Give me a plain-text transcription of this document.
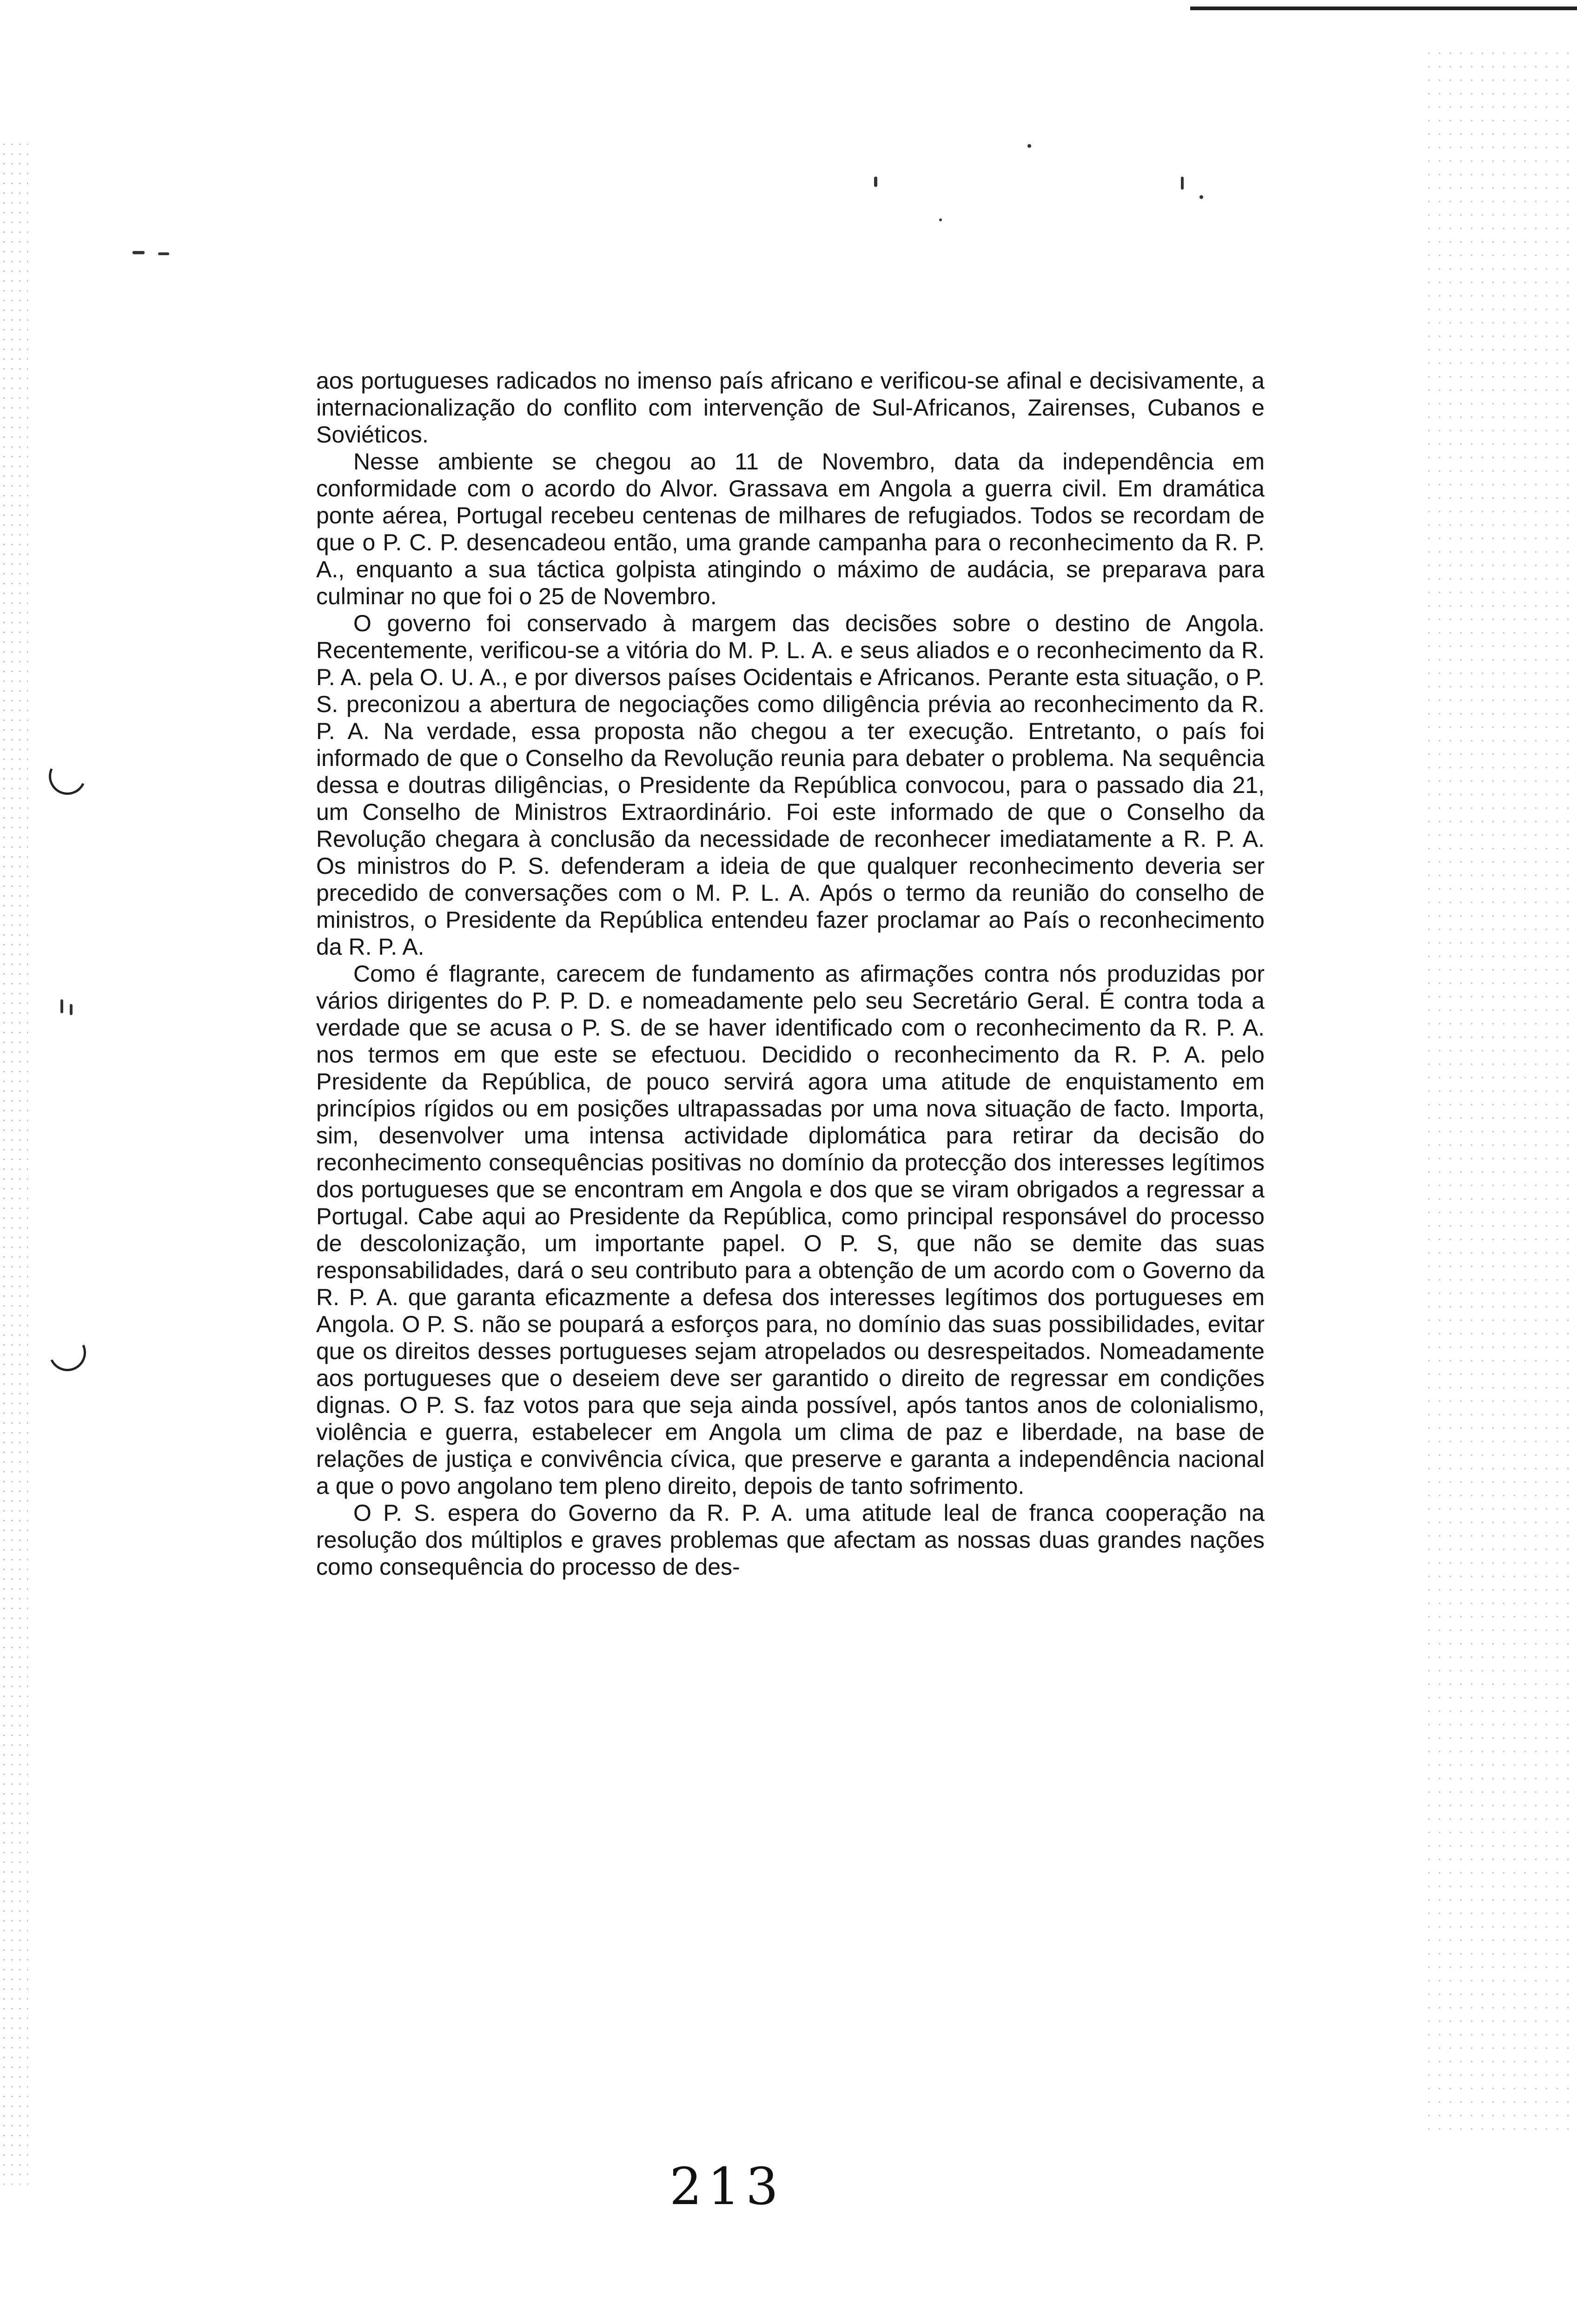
aos portugueses radicados no imenso país africano e verificou-se afinal e decisivamente, a internacionalização do conflito com intervenção de Sul-Africanos, Zairenses, Cubanos e Soviéticos.

Nesse ambiente se chegou ao 11 de Novembro, data da independência em conformidade com o acordo do Alvor. Grassava em Angola a guerra civil. Em dramática ponte aérea, Portugal recebeu centenas de milhares de refugiados. Todos se recordam de que o P. C. P. desencadeou então, uma grande campanha para o reconhecimento da R. P. A., enquanto a sua táctica golpista atingindo o máximo de audácia, se preparava para culminar no que foi o 25 de Novembro.

O governo foi conservado à margem das decisões sobre o destino de Angola. Recentemente, verificou-se a vitória do M. P. L. A. e seus aliados e o reconhecimento da R. P. A. pela O. U. A., e por diversos países Ocidentais e Africanos. Perante esta situação, o P. S. preconizou a abertura de negociações como diligência prévia ao reconhecimento da R. P. A. Na verdade, essa proposta não chegou a ter execução. Entretanto, o país foi informado de que o Conselho da Revolução reunia para debater o problema. Na sequência dessa e doutras diligências, o Presidente da República convocou, para o passado dia 21, um Conselho de Ministros Extraordinário. Foi este informado de que o Conselho da Revolução chegara à conclusão da necessidade de reconhecer imediatamente a R. P. A. Os ministros do P. S. defenderam a ideia de que qualquer reconhecimento deveria ser precedido de conversações com o M. P. L. A. Após o termo da reunião do conselho de ministros, o Presidente da República entendeu fazer proclamar ao País o reconhecimento da R. P. A.

Como é flagrante, carecem de fundamento as afirmações contra nós produzidas por vários dirigentes do P. P. D. e nomeadamente pelo seu Secretário Geral. É contra toda a verdade que se acusa o P. S. de se haver identificado com o reconhecimento da R. P. A. nos termos em que este se efectuou. Decidido o reconhecimento da R. P. A. pelo Presidente da República, de pouco servirá agora uma atitude de enquistamento em princípios rígidos ou em posições ultrapassadas por uma nova situação de facto. Importa, sim, desenvolver uma intensa actividade diplomática para retirar da decisão do reconhecimento consequências positivas no domínio da protecção dos interesses legítimos dos portugueses que se encontram em Angola e dos que se viram obrigados a regressar a Portugal. Cabe aqui ao Presidente da República, como principal responsável do processo de descolonização, um importante papel. O P. S, que não se demite das suas responsabilidades, dará o seu contributo para a obtenção de um acordo com o Governo da R. P. A. que garanta eficazmente a defesa dos interesses legítimos dos portugueses em Angola. O P. S. não se poupará a esforços para, no domínio das suas possibilidades, evitar que os direitos desses portugueses sejam atropelados ou desrespeitados. Nomeadamente aos portugueses que o deseiem deve ser garantido o direito de regressar em condições dignas. O P. S. faz votos para que seja ainda possível, após tantos anos de colonialismo, violência e guerra, estabelecer em Angola um clima de paz e liberdade, na base de relações de justiça e convivência cívica, que preserve e garanta a independência nacional a que o povo angolano tem pleno direito, depois de tanto sofrimento.

O P. S. espera do Governo da R. P. A. uma atitude leal de franca cooperação na resolução dos múltiplos e graves problemas que afectam as nossas duas grandes nações como consequência do processo de des-

213
